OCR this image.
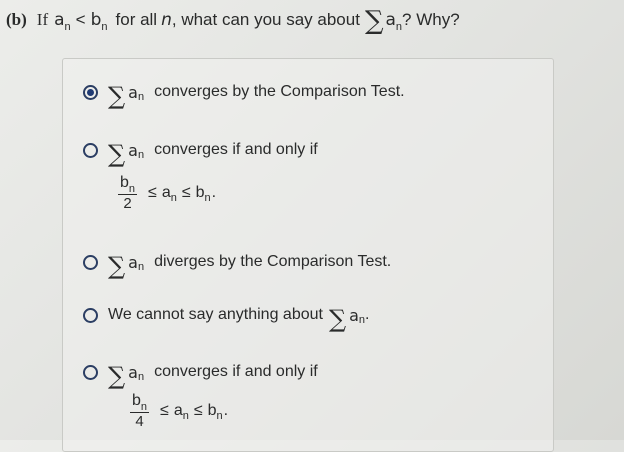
(b) If a n < b n for all n , what can you say about ∑ a n ? Why?
∑ a n converges by the Comparison Test.
∑ a n converges if and only if
$\frac{b_n}{2} \le a$ n ≤ b n .
∑ a n diverges by the Comparison Test.
We cannot say anything about ∑ a n .
∑ a n converges if and only if
$\frac{b_n}{4} \le a$ n ≤ b n .
